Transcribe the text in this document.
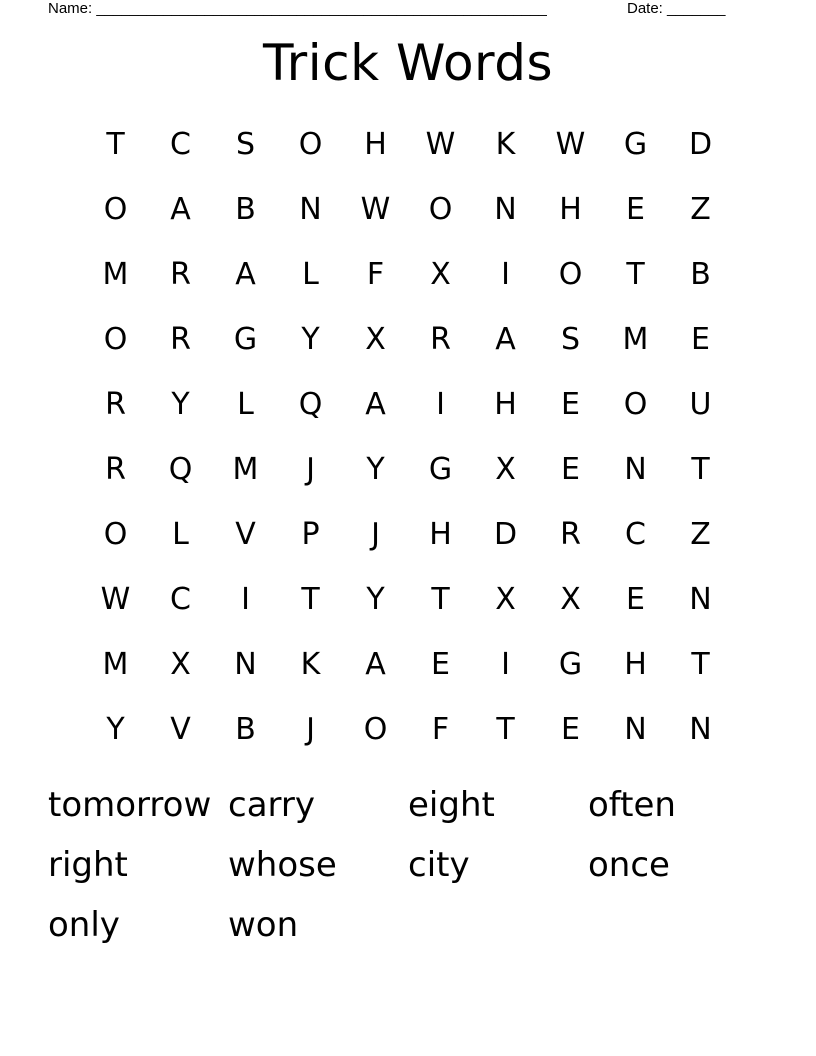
Name: ______________________________________________________	Date: _______
Trick Words
T	C	S	O	H	W	K	W	G	D
O	A	B	N	W	O	N	H	E	Z
M	R	A	L	F	X	I	O	T	B
O	R	G	Y	X	R	A	S	M	E
R	Y	L	Q	A	I	H	E	O	U
R	Q	M	J	Y	G	X	E	N	T
O	L	V	P	J	H	D	R	C	Z
W	C	I	T	Y	T	X	X	E	N
M	X	N	K	A	E	I	G	H	T
Y	V	B	J	O	F	T	E	N	N
tomorrow carry	eight	often
right	whose	city	once
only	won
